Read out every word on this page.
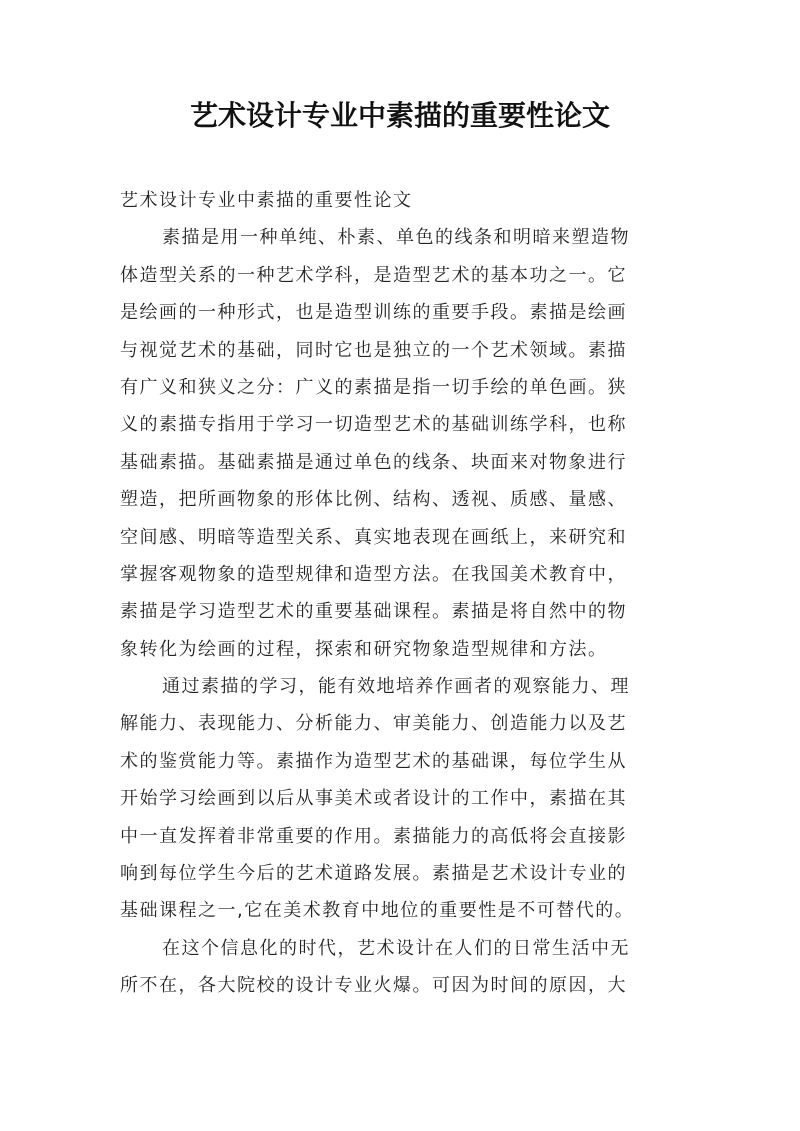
艺术设计专业中素描的重要性论文
艺术设计专业中素描的重要性论文
素描是用一种单纯、朴素、单色的线条和明暗来塑造物
体造型关系的一种艺术学科，是造型艺术的基本功之一。它
是绘画的一种形式，也是造型训练的重要手段。素描是绘画
与视觉艺术的基础，同时它也是独立的一个艺术领域。素描
有广义和狭义之分：广义的素描是指一切手绘的单色画。狭
义的素描专指用于学习一切造型艺术的基础训练学科，也称
基础素描。基础素描是通过单色的线条、块面来对物象进行
塑造，把所画物象的形体比例、结构、透视、质感、量感、
空间感、明暗等造型关系、真实地表现在画纸上，来研究和
掌握客观物象的造型规律和造型方法。在我国美术教育中，
素描是学习造型艺术的重要基础课程。素描是将自然中的物
象转化为绘画的过程，探索和研究物象造型规律和方法。
通过素描的学习，能有效地培养作画者的观察能力、理
解能力、表现能力、分析能力、审美能力、创造能力以及艺
术的鉴赏能力等。素描作为造型艺术的基础课，每位学生从
开始学习绘画到以后从事美术或者设计的工作中，素描在其
中一直发挥着非常重要的作用。素描能力的高低将会直接影
响到每位学生今后的艺术道路发展。素描是艺术设计专业的
基础课程之一,它在美术教育中地位的重要性是不可替代的。
在这个信息化的时代，艺术设计在人们的日常生活中无
所不在，各大院校的设计专业火爆。可因为时间的原因，大
